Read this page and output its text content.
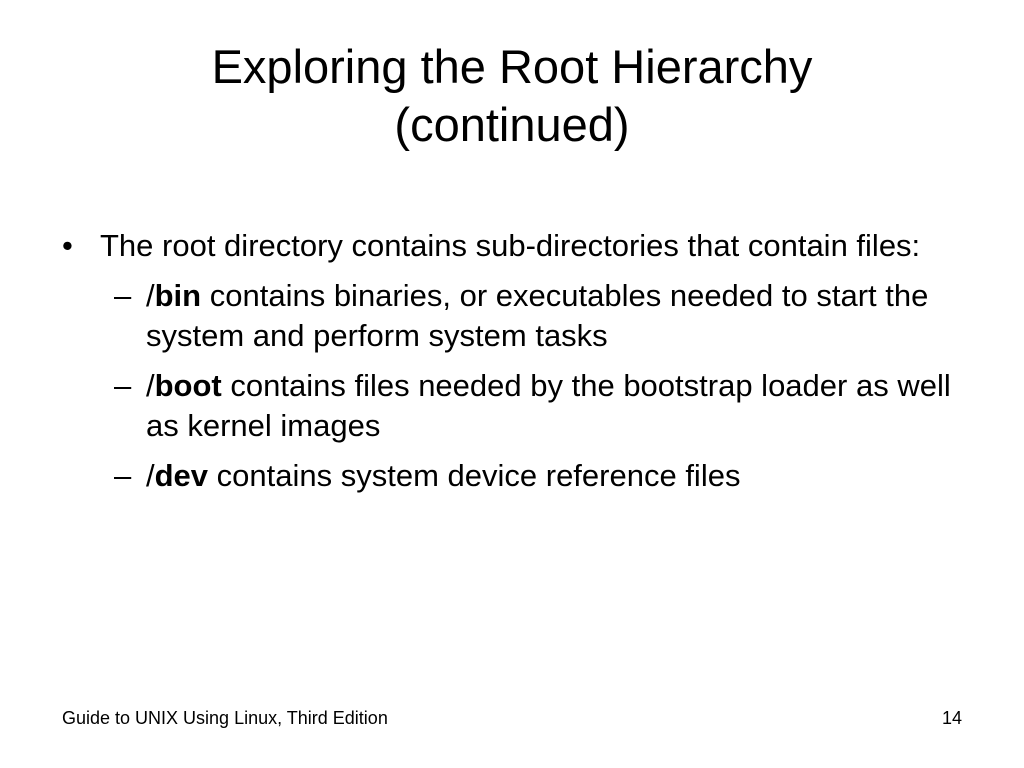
Exploring the Root Hierarchy
(continued)
• The root directory contains sub-directories that contain files:
– /bin contains binaries, or executables needed to start the system and perform system tasks
– /boot contains files needed by the bootstrap loader as well as kernel images
– /dev contains system device reference files
Guide to UNIX Using Linux, Third Edition	14
